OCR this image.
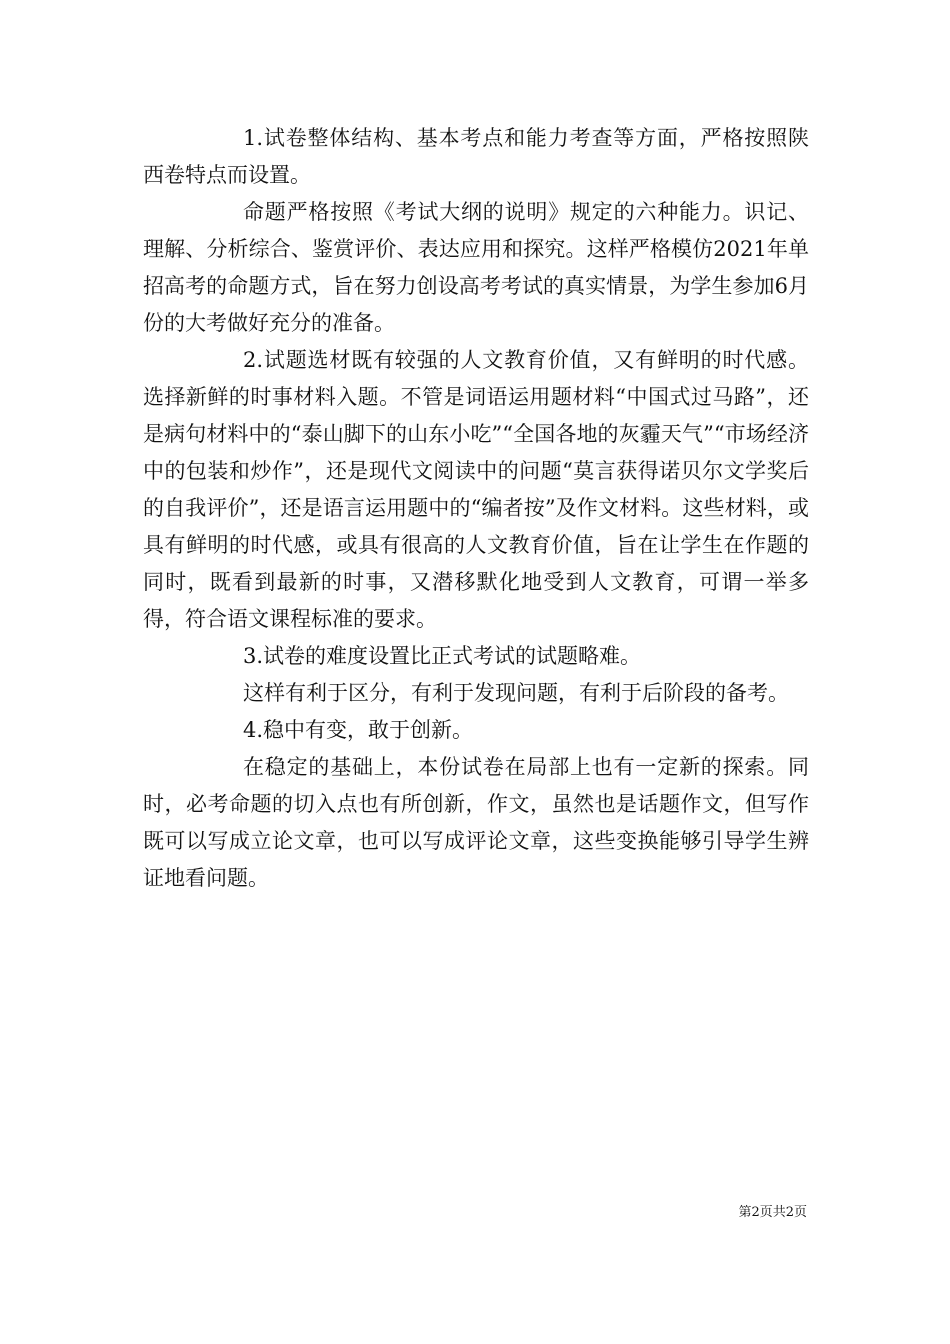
1.试卷整体结构、基本考点和能力考查等方面，严格按照陕西卷特点而设置。

命题严格按照《考试大纲的说明》规定的六种能力。识记、理解、分析综合、鉴赏评价、表达应用和探究。这样严格模仿2021年单招高考的命题方式，旨在努力创设高考考试的真实情景，为学生参加6月份的大考做好充分的准备。

2.试题选材既有较强的人文教育价值，又有鲜明的时代感。选择新鲜的时事材料入题。不管是词语运用题材料“中国式过马路”，还是病句材料中的“泰山脚下的山东小吃”“全国各地的灰霾天气”“市场经济中的包装和炒作”，还是现代文阅读中的问题“莫言获得诺贝尔文学奖后的自我评价”，还是语言运用题中的“编者按”及作文材料。这些材料，或具有鲜明的时代感，或具有很高的人文教育价值，旨在让学生在作题的同时，既看到最新的时事，又潜移默化地受到人文教育，可谓一举多得，符合语文课程标准的要求。

3.试卷的难度设置比正式考试的试题略难。

这样有利于区分，有利于发现问题，有利于后阶段的备考。

4.稳中有变，敢于创新。

在稳定的基础上，本份试卷在局部上也有一定新的探索。同时，必考命题的切入点也有所创新，作文，虽然也是话题作文，但写作既可以写成立论文章，也可以写成评论文章，这些变换能够引导学生辨证地看问题。

第2页共2页
